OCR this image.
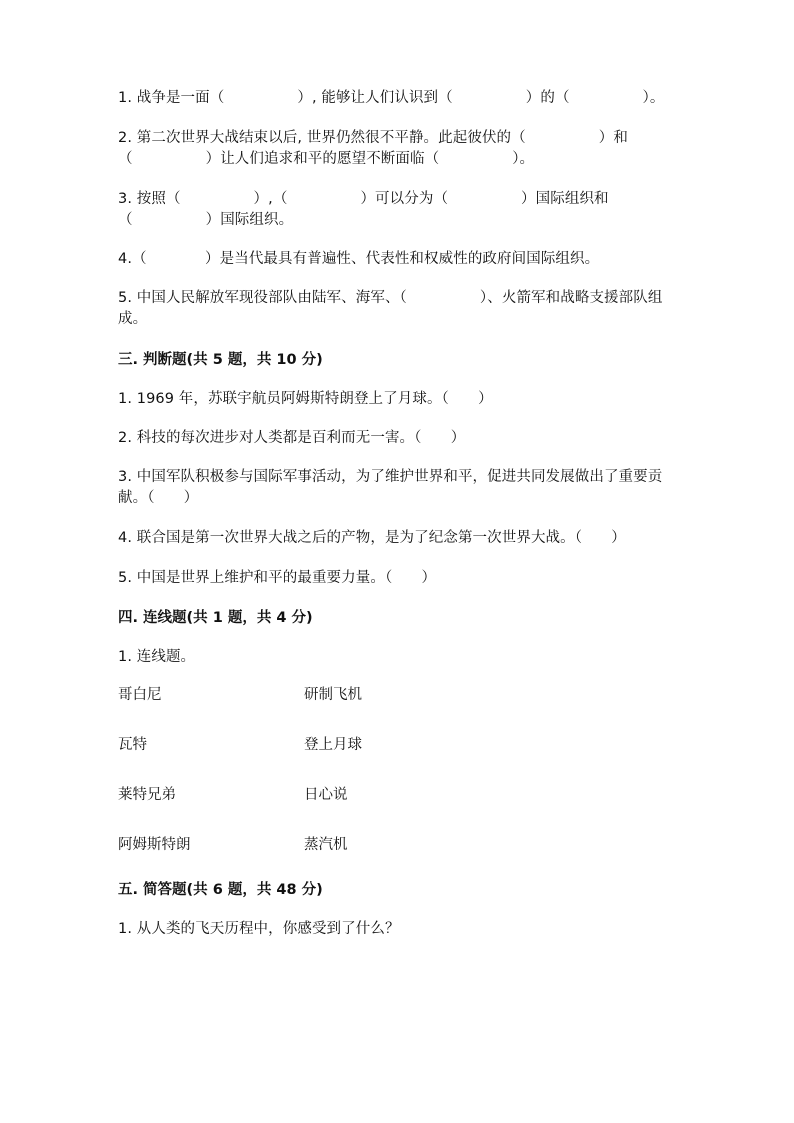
1. 战争是一面（　　　　　）, 能够让人们认识到（　　　　　）的（　　　　　）。
2. 第二次世界大战结束以后, 世界仍然很不平静。此起彼伏的（　　　　　）和（　　　　　）让人们追求和平的愿望不断面临（　　　　　）。
3. 按照（　　　　　）,（　　　　　）可以分为（　　　　　）国际组织和（　　　　　）国际组织。
4.（　　　　）是当代最具有普遍性、代表性和权威性的政府间国际组织。
5. 中国人民解放军现役部队由陆军、海军、（　　　　　）、火箭军和战略支援部队组成。
三. 判断题(共 5 题，共 10 分)
1. 1969 年，苏联宇航员阿姆斯特朗登上了月球。（　　）
2. 科技的每次进步对人类都是百利而无一害。（　　）
3. 中国军队积极参与国际军事活动，为了维护世界和平，促进共同发展做出了重要贡献。（　　）
4. 联合国是第一次世界大战之后的产物，是为了纪念第一次世界大战。（　　）
5. 中国是世界上维护和平的最重要力量。（　　）
四. 连线题(共 1 题，共 4 分)
1. 连线题。
哥白尼	研制飞机
瓦特	登上月球
莱特兄弟	日心说
阿姆斯特朗	蒸汽机
五. 简答题(共 6 题，共 48 分)
1. 从人类的飞天历程中，你感受到了什么？
